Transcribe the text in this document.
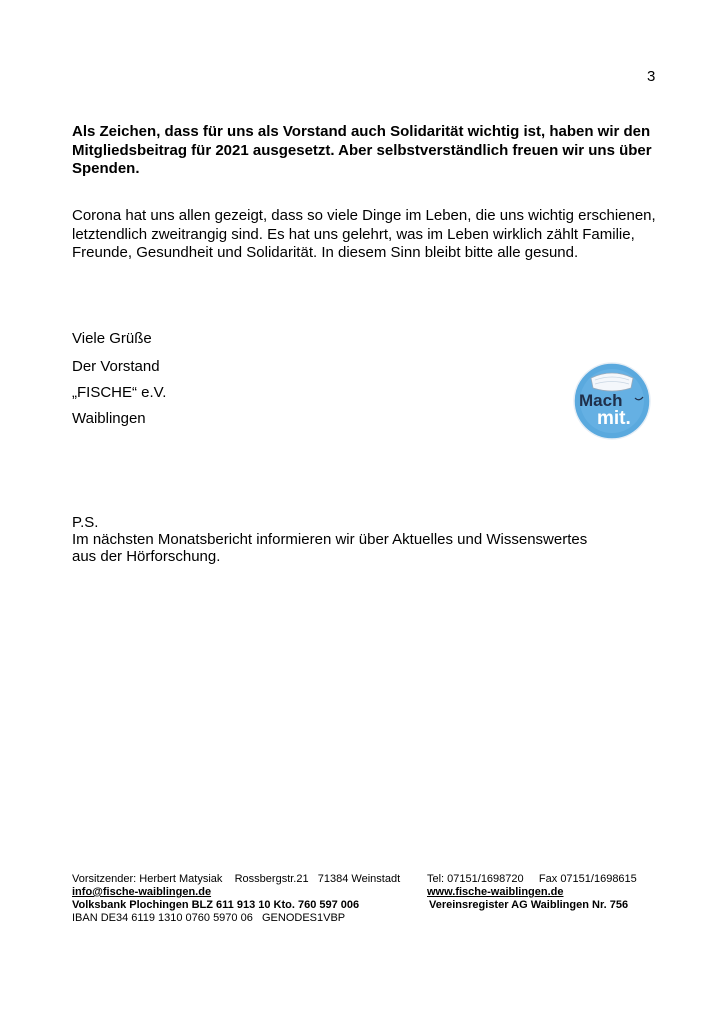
3
Als Zeichen, dass für uns als Vorstand auch Solidarität wichtig ist, haben wir den
Mitgliedsbeitrag für 2021 ausgesetzt. Aber selbstverständlich freuen wir uns über
Spenden.
Corona hat uns allen gezeigt, dass so viele Dinge im Leben, die uns wichtig erschienen,
letztendlich zweitrangig sind. Es hat uns gelehrt, was im Leben wirklich zählt Familie,
Freunde, Gesundheit und Solidarität. In diesem Sinn bleibt bitte alle gesund.
Viele Grüße
Der Vorstand
„FISCHE“ e.V.
Waiblingen
Mach
mit.
P.S.
Im nächsten Monatsbericht informieren wir über Aktuelles und Wissenswertes
aus der Hörforschung.
Vorsitzender: Herbert Matysiak    Rossbergstr.21   71384 Weinstadt Tel: 07151/1698720     Fax 07151/1698615
info@fische-waiblingen.de	www.fische-waiblingen.de
Volksbank Plochingen BLZ 611 913 10 Kto. 760 597 006	Vereinsregister AG Waiblingen Nr. 756
IBAN DE34 6119 1310 0760 5970 06   GENODES1VBP
